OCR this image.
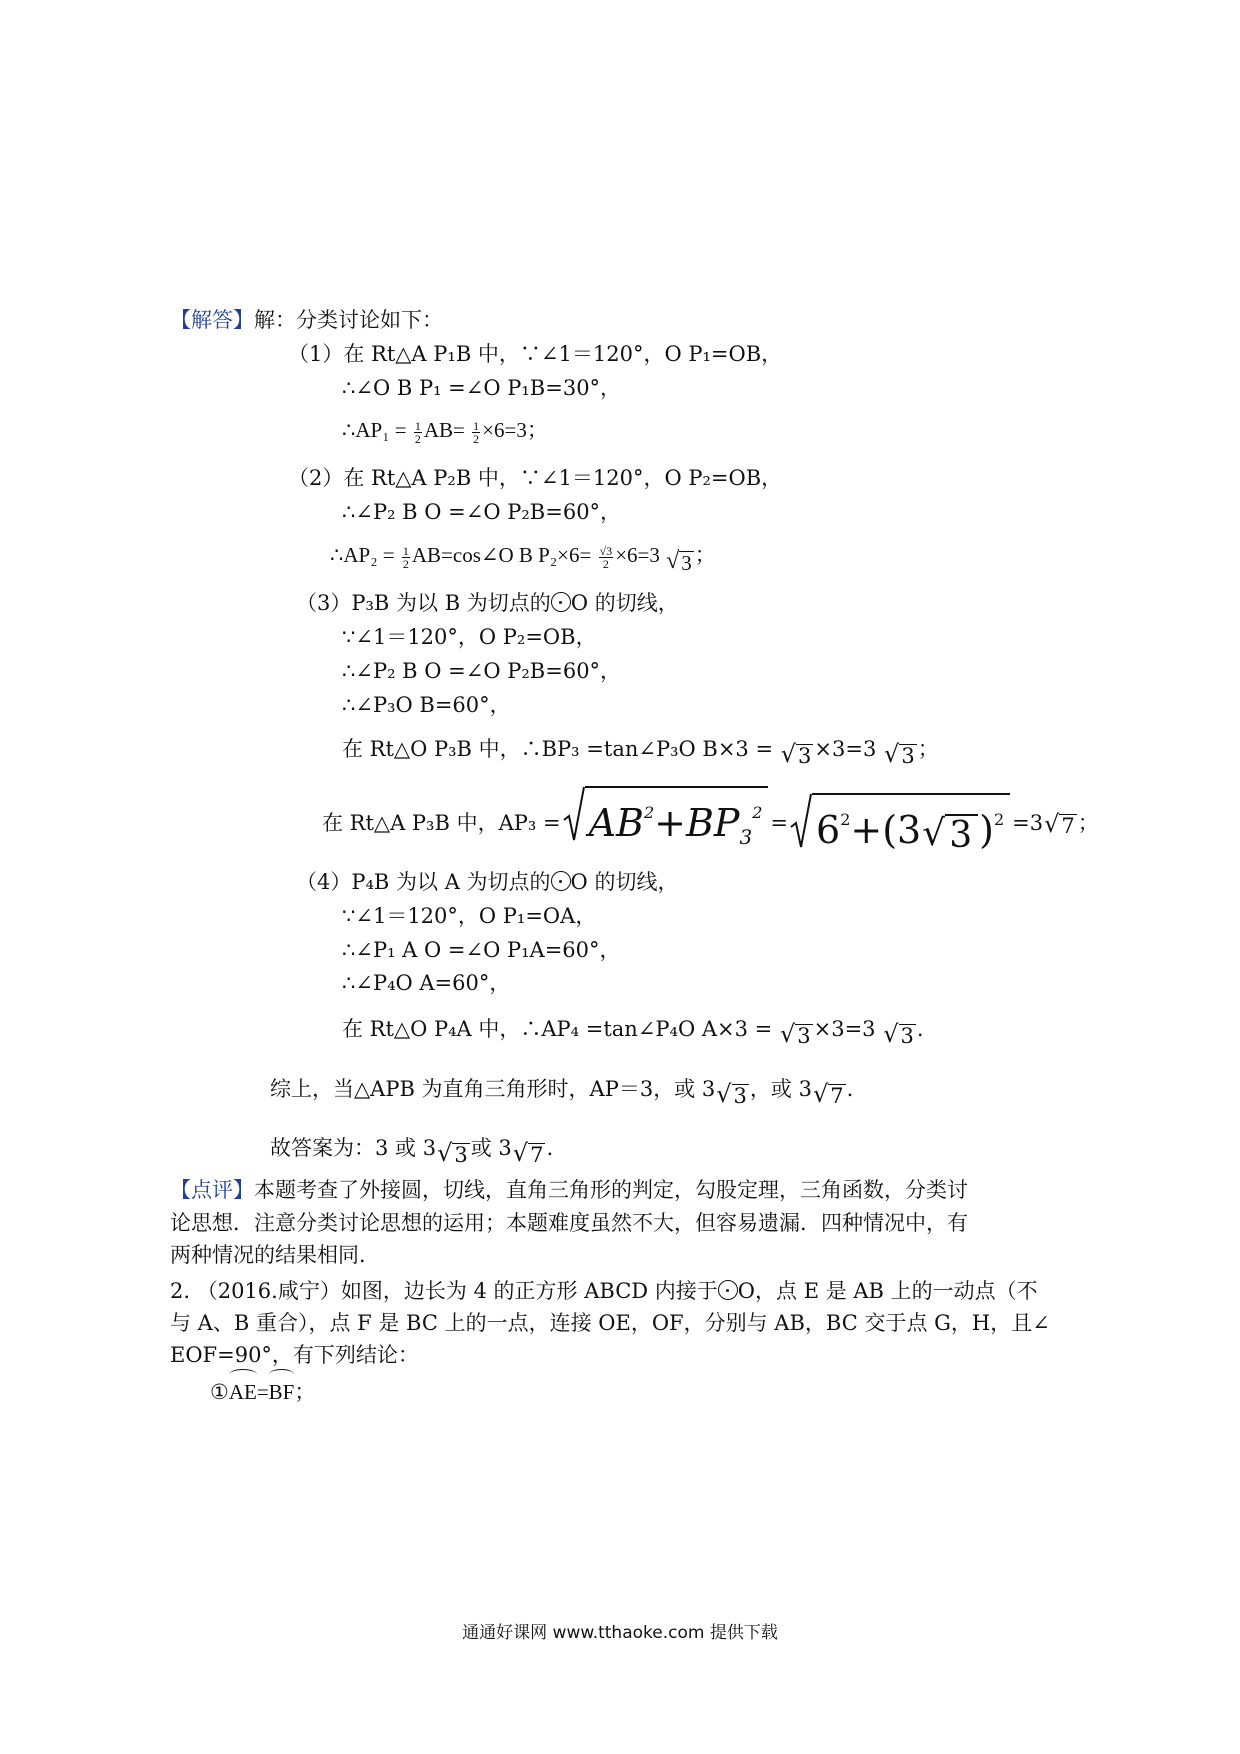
【解答】解：分类讨论如下：
（1）在 Rt△A P₁B 中，∵∠1＝120°，O P₁=OB，
∴∠O B P₁ =∠O P₁B=30°，
∴AP₁ = $\frac{1}{2} AB= \frac{1}{2} \times 6=3$；
（2）在 Rt△A P₂B 中，∵∠1＝120°，O P₂=OB，
∴∠P₂ B O =∠O P₂B=60°，
∴AP₂ = $\frac{1}{2}$ AB=cos∠O B $P_2\times 6= \frac{√3}{2} \times 6=3$ √ 3 ；
（3）P₃B 为以 B 为切点的 O 的切线，
∵∠1＝120°，O P₂=OB，
∴∠P₂ B O =∠O P₂B=60°，
∴∠P₃O B=60°，
在 Rt△O P₃B 中，∴BP₃ =tan∠P₃O B×3 = √ 3 ×3=3 √ 3 ；
在 Rt△A P₃B 中，$AP_3 = AB^2+BP_3^2 = 6^2+(3$ √ 3 )$^2$ =3 √ 7 ；
（4）P₄B 为以 A 为切点的 O 的切线，
∵∠1＝120°，O P₁=OA，
∴∠P₁ A O =∠O P₁A=60°，
∴∠P₄O A=60°，
在 Rt△O P₄A 中，∴AP₄ =tan∠P₄O A×3 = √ 3 ×3=3 √ 3 .
综上，当△APB 为直角三角形时，AP＝3，或 3 √ 3 ，或 3 √ 7 .
故答案为：3 或 3 √ 3 或 3 √ 7 .
【点评】本题考查了外接圆，切线，直角三角形的判定，勾股定理，三角函数，分类讨
论思想．注意分类讨论思想的运用；本题难度虽然不大，但容易遗漏．四种情况中，有
两种情况的结果相同．
2. （2016.咸宁）如图，边长为 4 的正方形 ABCD 内接于 O，点 E 是 AB 上的一动点（不
与 A、B 重合），点 F 是 BC 上的一点，连接 OE，OF，分别与 AB，BC 交于点 G，H，且∠
EOF=90°，有下列结论：
①AE=BF；
通通好课网 www.tthaoke.com 提供下载
